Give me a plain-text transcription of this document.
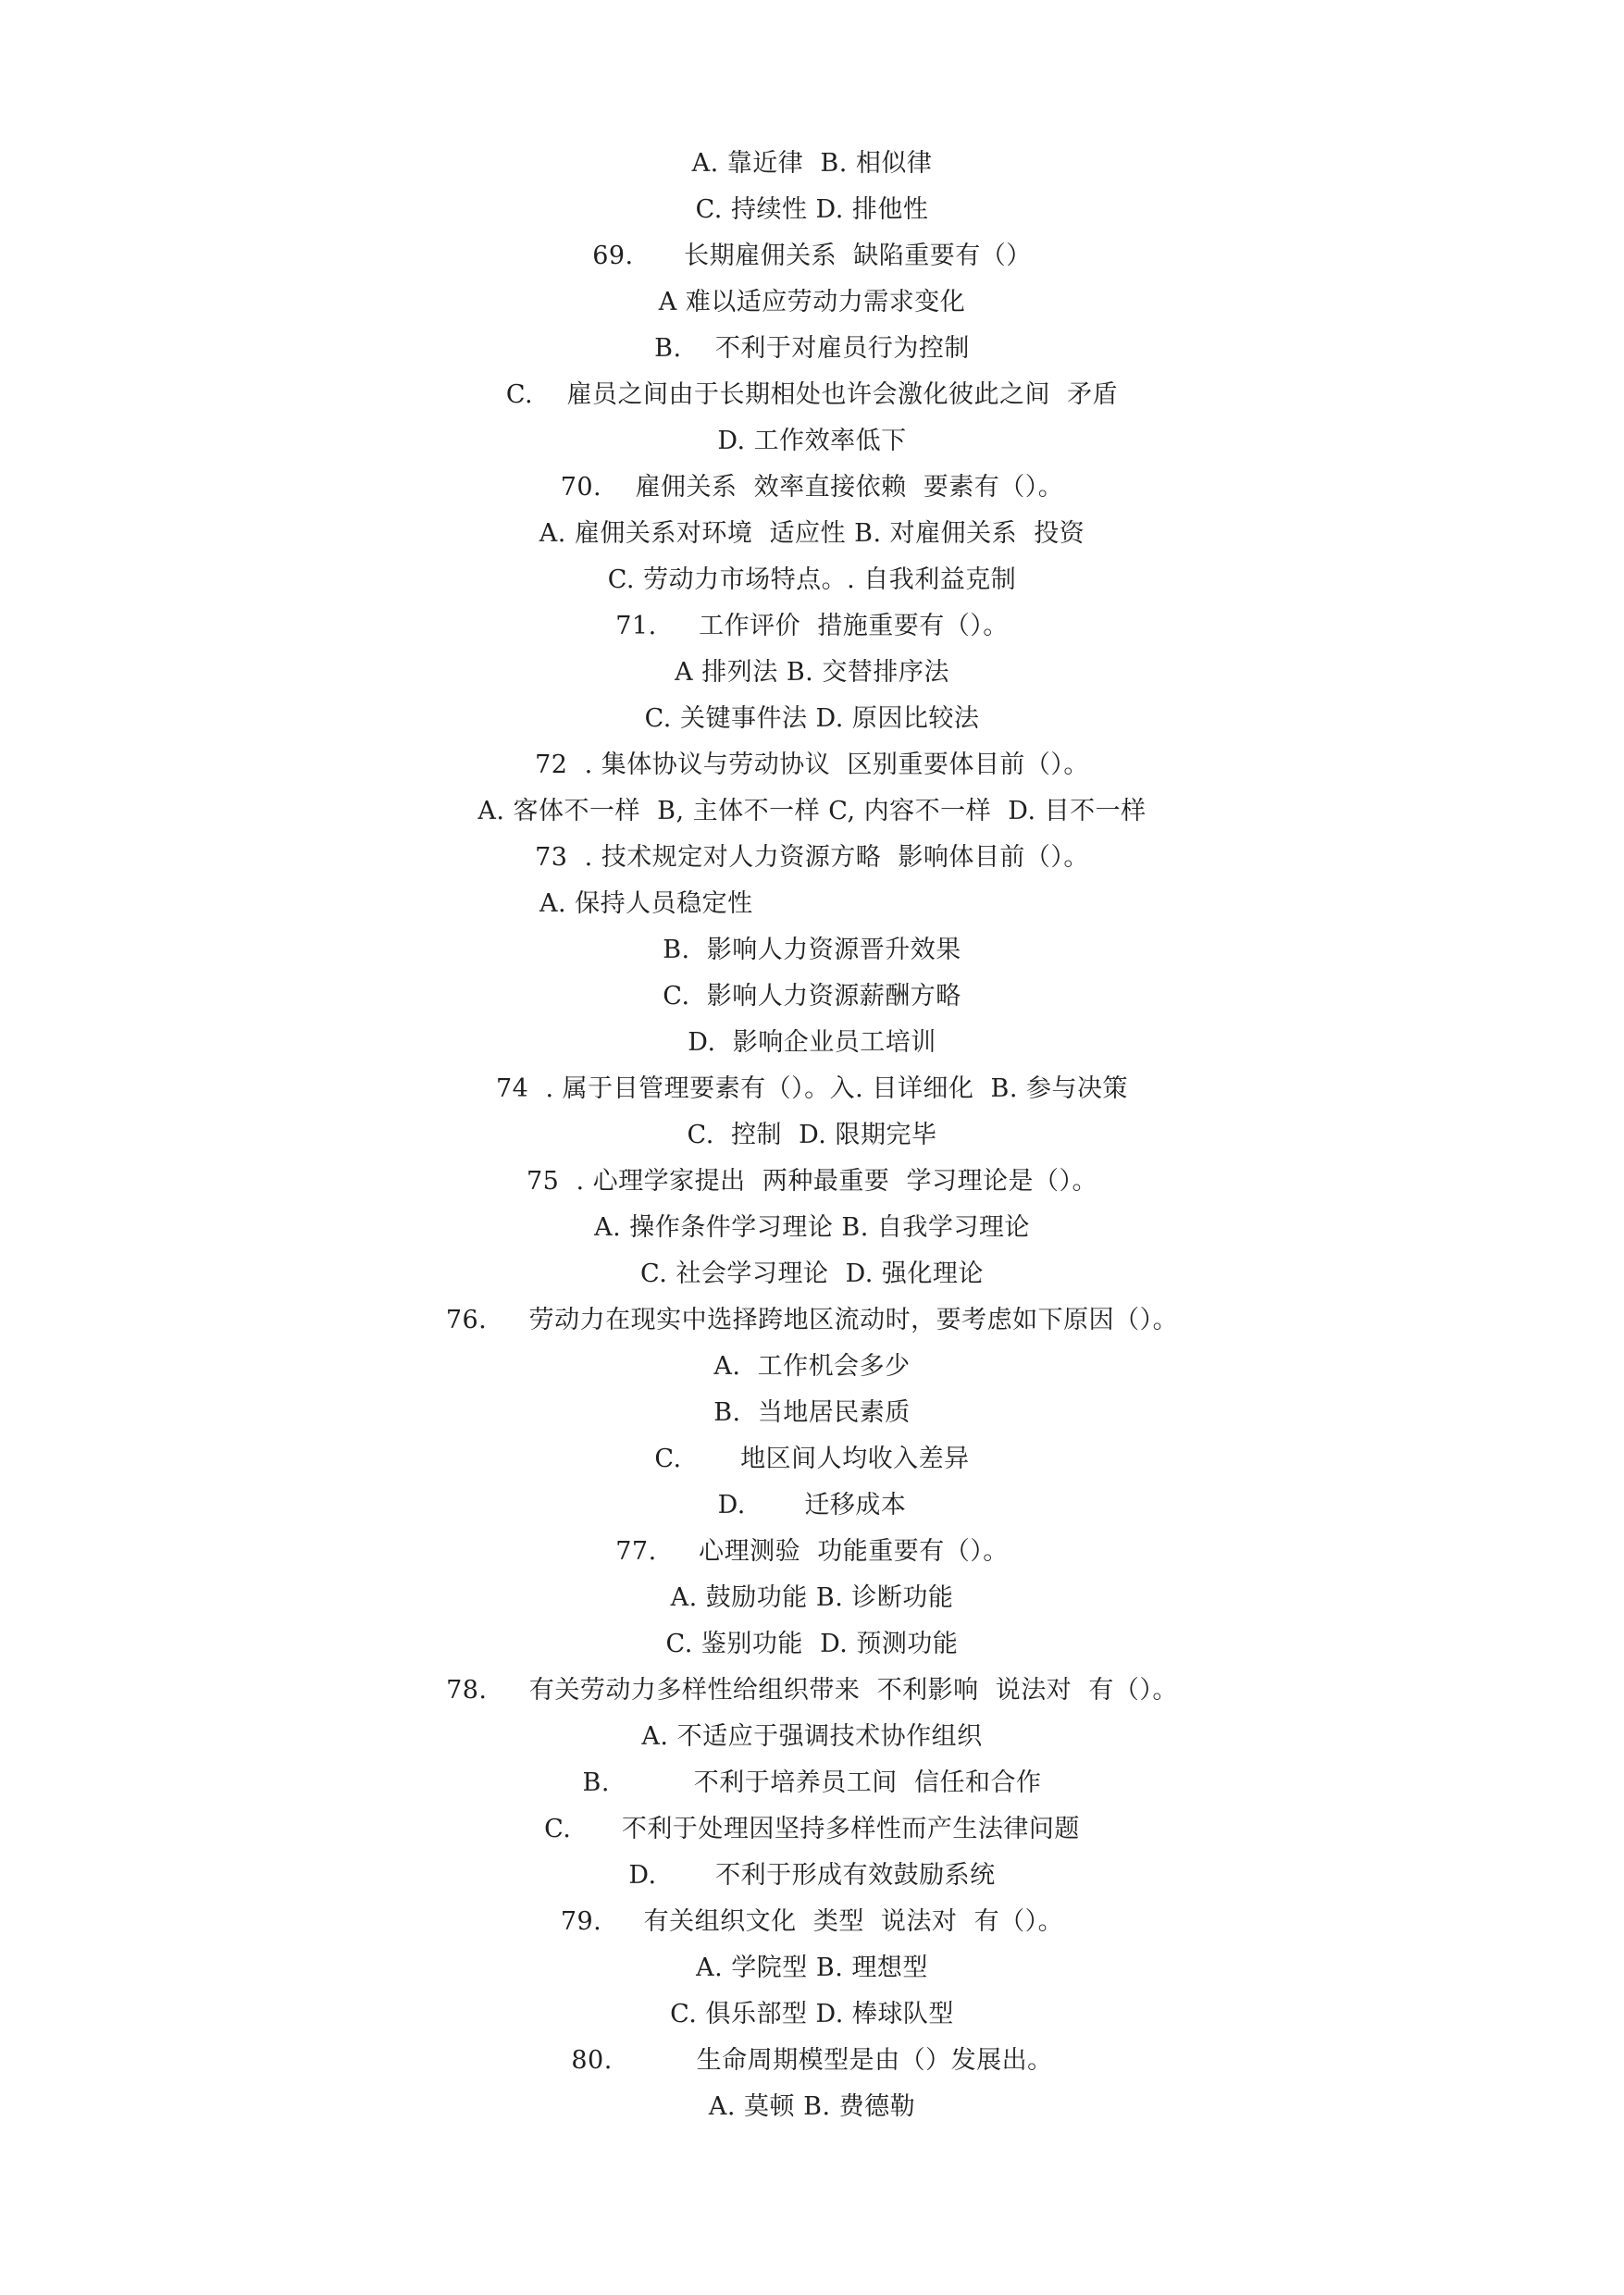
A. 靠近律  B. 相似律
C. 持续性 D. 排他性
69.      长期雇佣关系  缺陷重要有（）
A 难以适应劳动力需求变化
B.    不利于对雇员行为控制
C.    雇员之间由于长期相处也许会激化彼此之间  矛盾
D. 工作效率低下
70.    雇佣关系  效率直接依赖  要素有（）。
A. 雇佣关系对环境  适应性 B. 对雇佣关系  投资
C. 劳动力市场特点。. 自我利益克制
71.     工作评价  措施重要有（）。
A 排列法 B. 交替排序法
C. 关键事件法 D. 原因比较法
72  . 集体协议与劳动协议  区别重要体目前（）。
A. 客体不一样  B, 主体不一样 C, 内容不一样  D. 目不一样
73  . 技术规定对人力资源方略  影响体目前（）。
A. 保持人员稳定性
B.  影响人力资源晋升效果
C.  影响人力资源薪酬方略
D.  影响企业员工培训
74  . 属于目管理要素有（）。入. 目详细化  B. 参与决策
C.  控制  D. 限期完毕
75  . 心理学家提出  两种最重要  学习理论是（）。
A. 操作条件学习理论 B. 自我学习理论
C. 社会学习理论  D. 强化理论
76.     劳动力在现实中选择跨地区流动时，要考虑如下原因（）。
A.  工作机会多少
B.  当地居民素质
C.       地区间人均收入差异
D.       迁移成本
77.     心理测验  功能重要有（）。
A. 鼓励功能 B. 诊断功能
C. 鉴别功能  D. 预测功能
78.     有关劳动力多样性给组织带来  不利影响  说法对  有（）。
A. 不适应于强调技术协作组织
B.          不利于培养员工间  信任和合作
C.      不利于处理因坚持多样性而产生法律问题
D.       不利于形成有效鼓励系统
79.     有关组织文化  类型  说法对  有（）。
A. 学院型 B. 理想型
C. 俱乐部型 D. 棒球队型
80.          生命周期模型是由（）发展出。
A. 莫顿 B. 费德勒
